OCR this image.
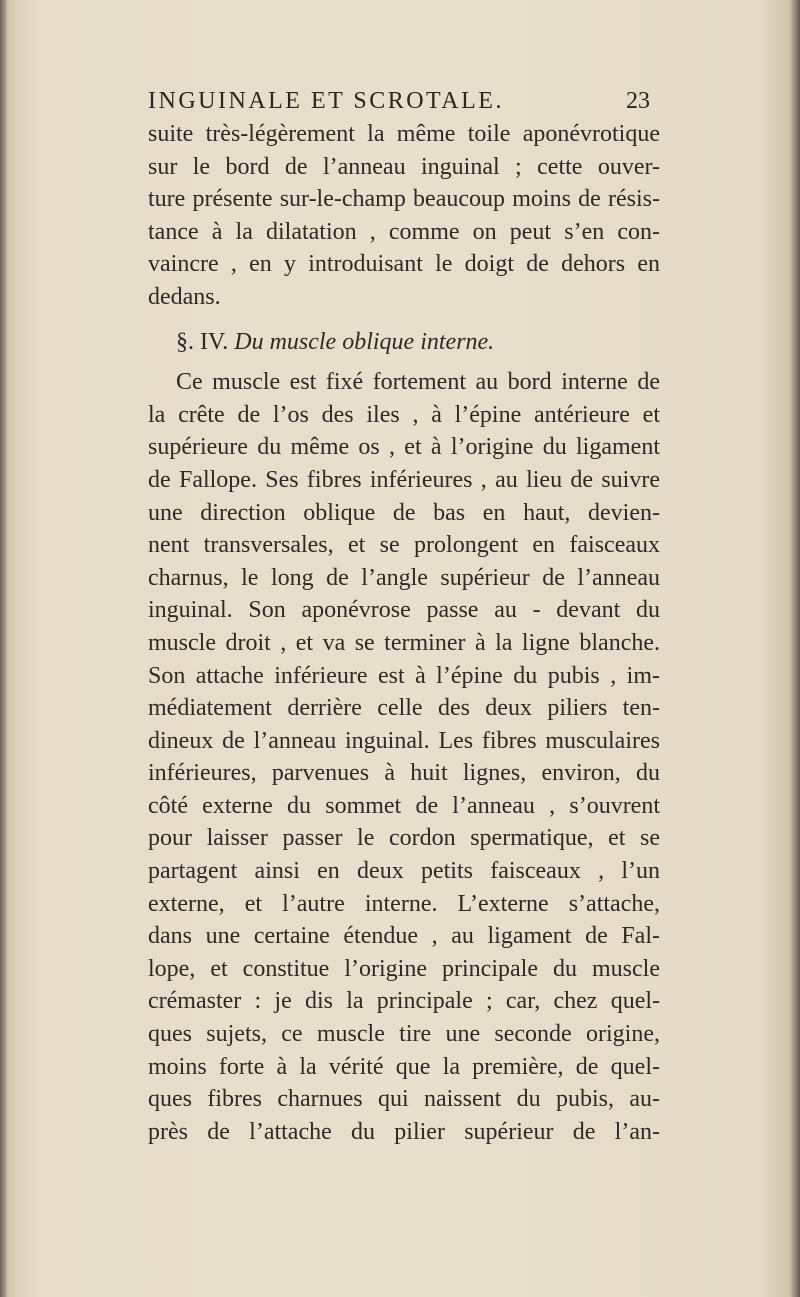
INGUINALE ET SCROTALE.	23
suite très-légèrement la même toile aponévrotique
sur le bord de l’anneau inguinal ; cette ouver-
ture présente sur-le-champ beaucoup moins de résis-
tance à la dilatation , comme on peut s’en con-
vaincre , en y introduisant le doigt de dehors en
dedans.
§. IV. Du muscle oblique interne.
Ce muscle est fixé fortement au bord interne de
la crête de l’os des iles , à l’épine antérieure et
supérieure du même os , et à l’origine du ligament
de Fallope. Ses fibres inférieures , au lieu de suivre
une direction oblique de bas en haut, devien-
nent transversales, et se prolongent en faisceaux
charnus, le long de l’angle supérieur de l’anneau
inguinal. Son aponévrose passe au - devant du
muscle droit , et va se terminer à la ligne blanche.
Son attache inférieure est à l’épine du pubis , im-
médiatement derrière celle des deux piliers ten-
dineux de l’anneau inguinal. Les fibres musculaires
inférieures, parvenues à huit lignes, environ, du
côté externe du sommet de l’anneau , s’ouvrent
pour laisser passer le cordon spermatique, et se
partagent ainsi en deux petits faisceaux , l’un
externe, et l’autre interne. L’externe s’attache,
dans une certaine étendue , au ligament de Fal-
lope, et constitue l’origine principale du muscle
crémaster : je dis la principale ; car, chez quel-
ques sujets, ce muscle tire une seconde origine,
moins forte à la vérité que la première, de quel-
ques fibres charnues qui naissent du pubis, au-
près de l’attache du pilier supérieur de l’an-
